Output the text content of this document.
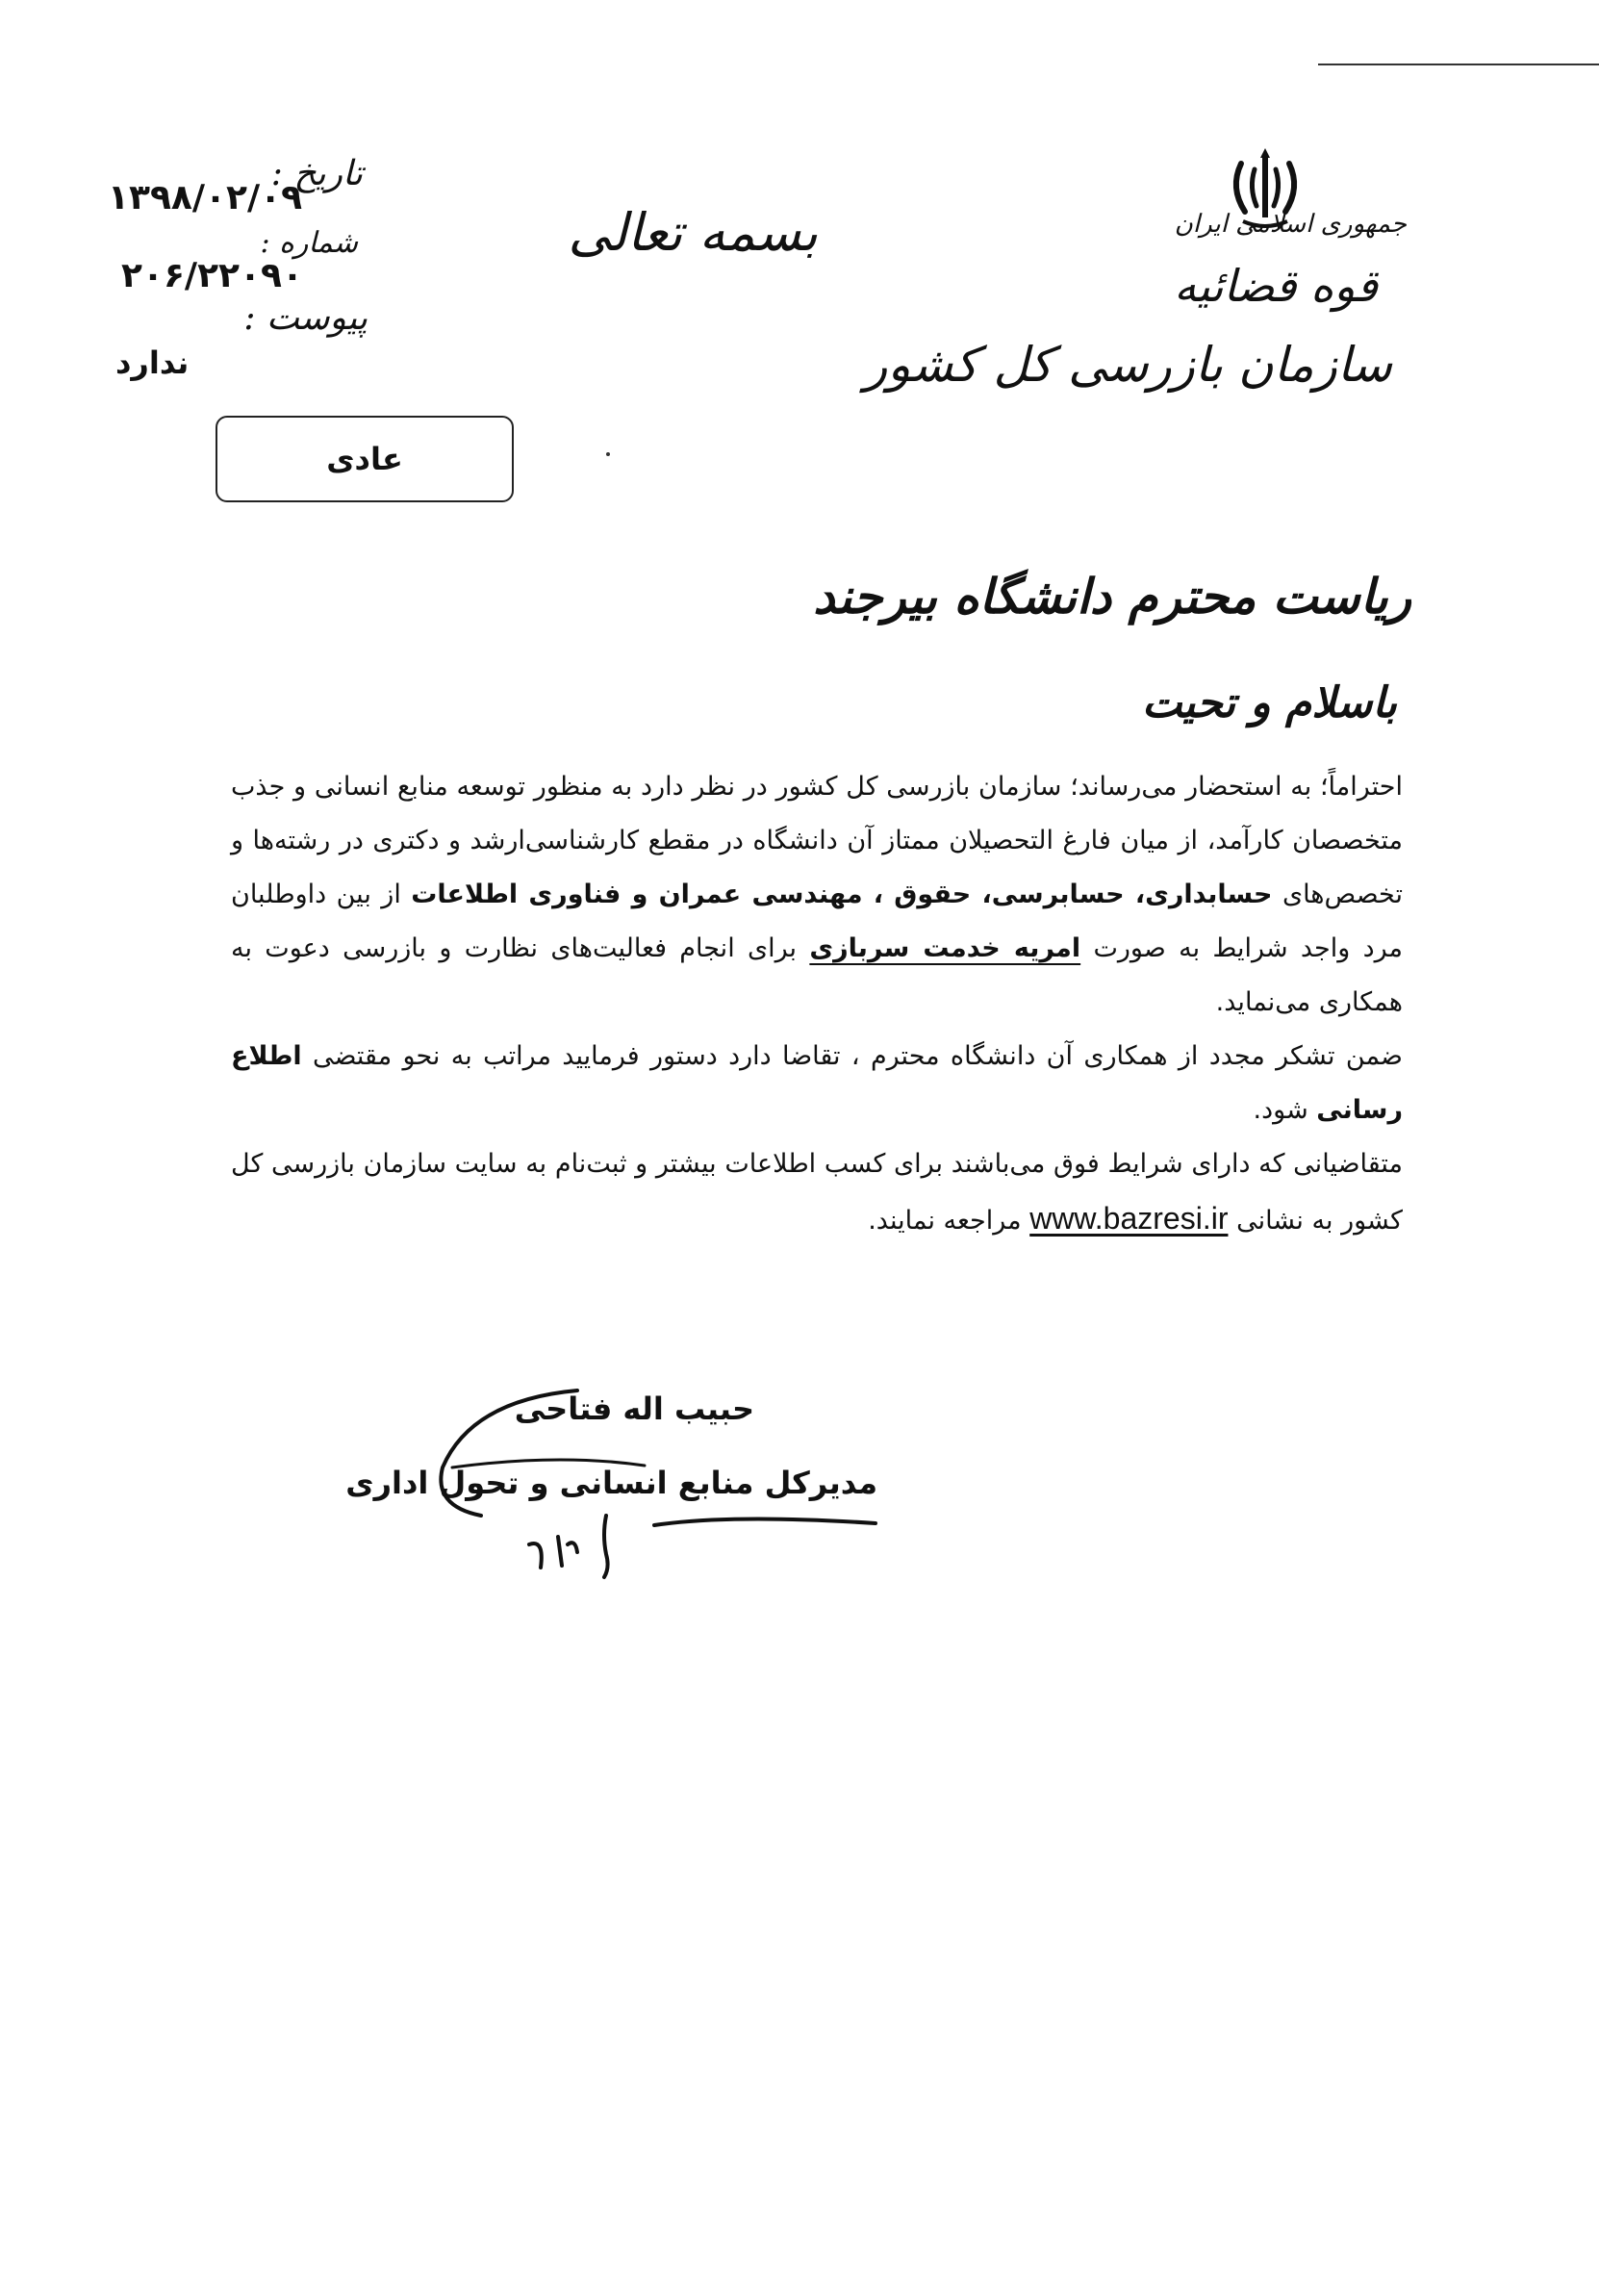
جمهوری اسلامی ایران
قوه قضائیه
سازمان بازرسی کل کشور
بسمه تعالی
تاریخ :
۱۳۹۸/۰۲/۰۹
شماره :
۲۰۶/۲۲۰۹۰
پیوست :
ندارد
عادی
ریاست محترم دانشگاه بیرجند
باسلام و تحیت

احتراماً؛ به استحضار می‌رساند؛ سازمان بازرسی کل کشور در نظر دارد به منظور توسعه منابع انسانی و جذب متخصصان کارآمد، از میان فارغ التحصیلان ممتاز آن دانشگاه در مقطع کارشناسی‌ارشد و دکتری در رشته‌ها و تخصص‌های حسابداری، حسابرسی، حقوق ، مهندسی عمران و فناوری اطلاعات از بین داوطلبان مرد واجد شرایط به صورت امریه خدمت سربازی برای انجام فعالیت‌های نظارت و بازرسی دعوت به همکاری می‌نماید.

ضمن تشکر مجدد از همکاری آن دانشگاه محترم ، تقاضا دارد دستور فرمایید مراتب به نحو مقتضی اطلاع رسانی شود.

متقاضیانی که دارای شرایط فوق می‌باشند برای کسب اطلاعات بیشتر و ثبت‌نام به سایت سازمان بازرسی کل کشور به نشانی www.bazresi.ir مراجعه نمایند.

حبیب اله فتاحی
مدیرکل منابع انسانی و تحول اداری
